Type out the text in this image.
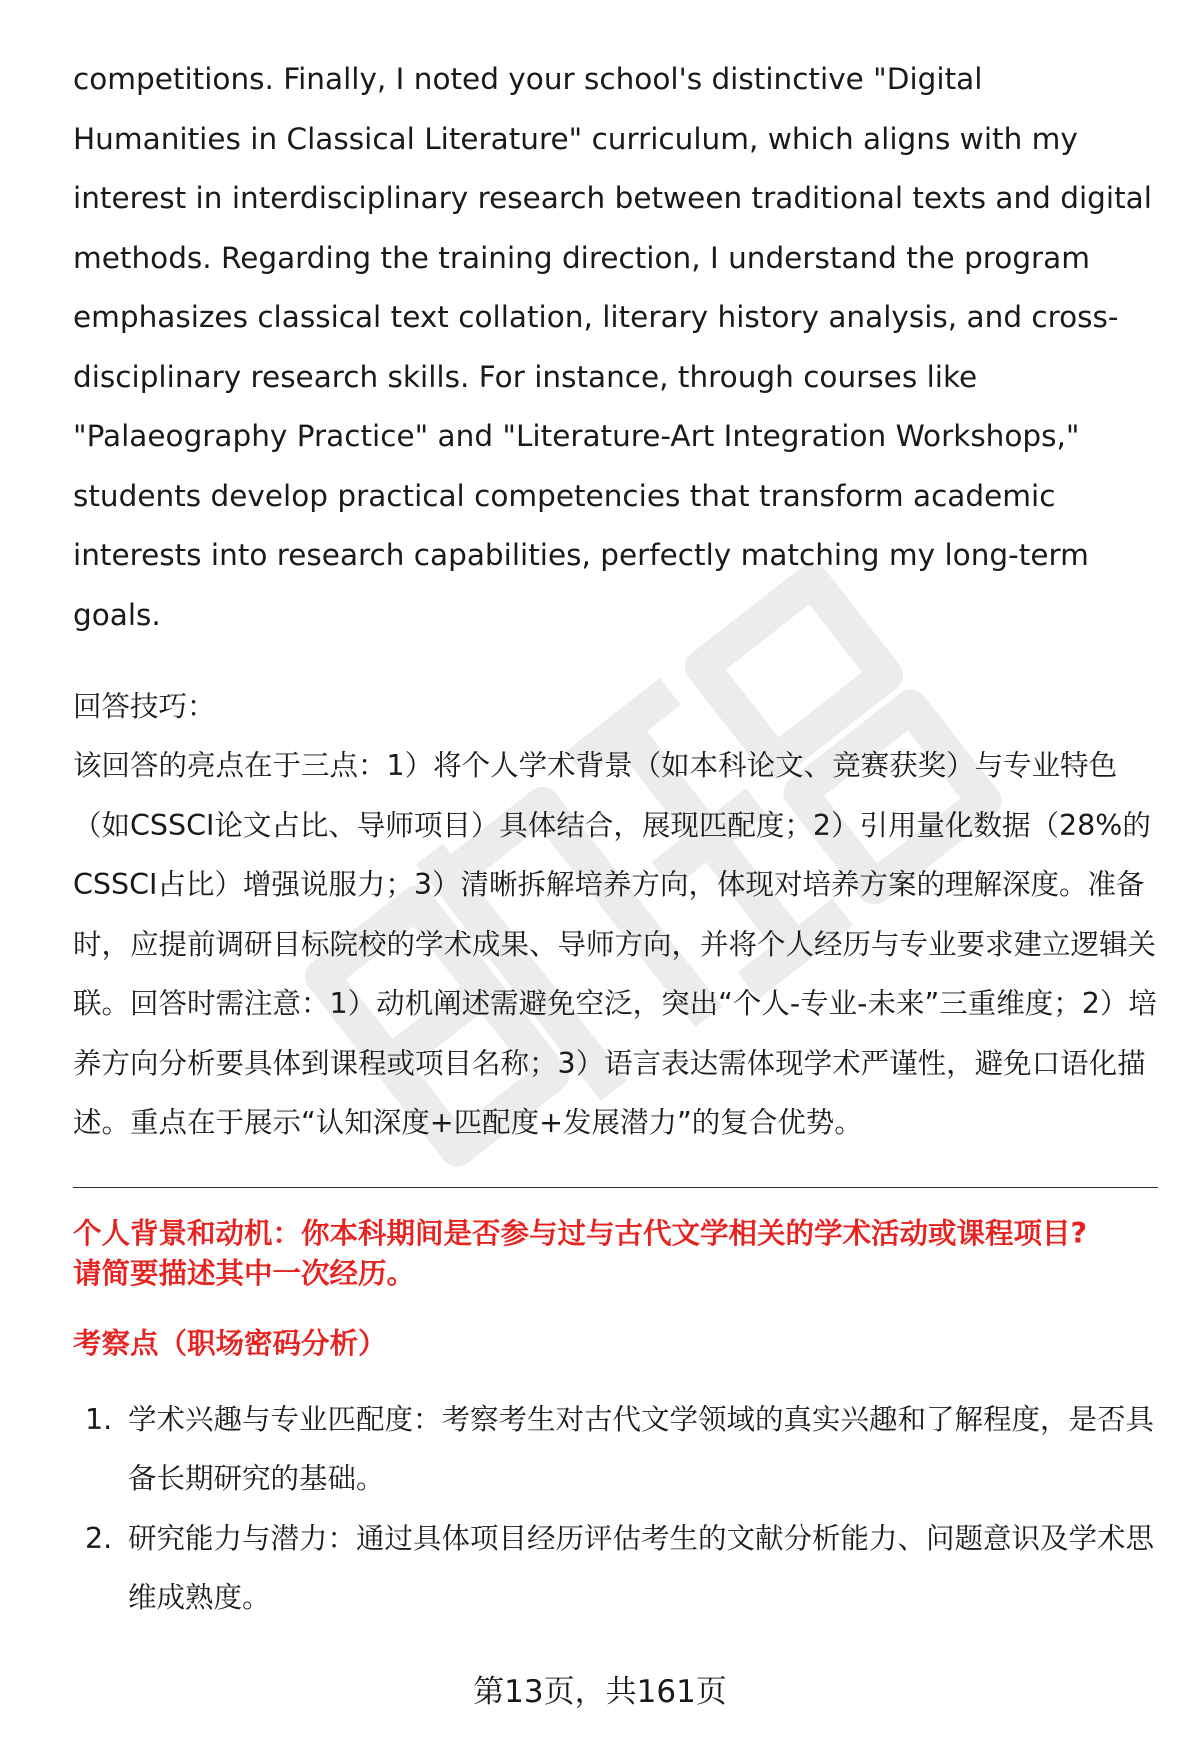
competitions. Finally, I noted your school's distinctive "Digital Humanities in Classical Literature" curriculum, which aligns with my interest in interdisciplinary research between traditional texts and digital methods. Regarding the training direction, I understand the program emphasizes classical text collation, literary history analysis, and cross-disciplinary research skills. For instance, through courses like "Palaeography Practice" and "Literature-Art Integration Workshops," students develop practical competencies that transform academic interests into research capabilities, perfectly matching my long-term goals.

回答技巧：

该回答的亮点在于三点：1）将个人学术背景（如本科论文、竞赛获奖）与专业特色（如CSSCI论文占比、导师项目）具体结合，展现匹配度；2）引用量化数据（28%的CSSCI占比）增强说服力；3）清晰拆解培养方向，体现对培养方案的理解深度。准备时，应提前调研目标院校的学术成果、导师方向，并将个人经历与专业要求建立逻辑关联。回答时需注意：1）动机阐述需避免空泛，突出“个人-专业-未来”三重维度；2）培养方向分析要具体到课程或项目名称；3）语言表达需体现学术严谨性，避免口语化描述。重点在于展示“认知深度+匹配度+发展潜力”的复合优势。

个人背景和动机：你本科期间是否参与过与古代文学相关的学术活动或课程项目?
请简要描述其中一次经历。

考察点（职场密码分析）

1. 学术兴趣与专业匹配度：考察考生对古代文学领域的真实兴趣和了解程度，是否具备长期研究的基础。
2. 研究能力与潜力：通过具体项目经历评估考生的文献分析能力、问题意识及学术思维成熟度。
第13页，共161页
